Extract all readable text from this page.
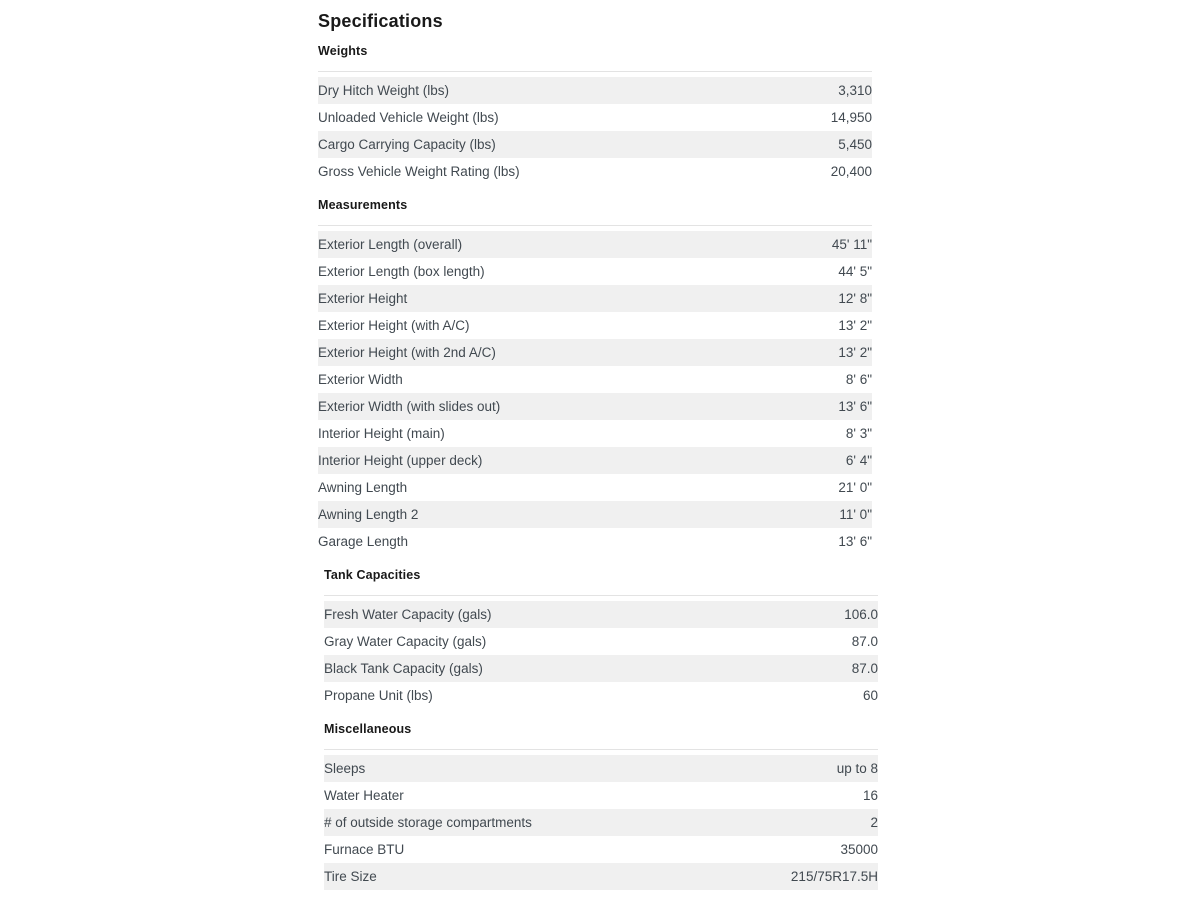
Specifications
Weights
Dry Hitch Weight (lbs)	3,310
Unloaded Vehicle Weight (lbs)	14,950
Cargo Carrying Capacity (lbs)	5,450
Gross Vehicle Weight Rating (lbs)	20,400
Measurements
Exterior Length (overall)	45' 11"
Exterior Length (box length)	44' 5"
Exterior Height	12' 8"
Exterior Height (with A/C)	13' 2"
Exterior Height (with 2nd A/C)	13' 2"
Exterior Width	8' 6"
Exterior Width (with slides out)	13' 6"
Interior Height (main)	8' 3"
Interior Height (upper deck)	6' 4"
Awning Length	21' 0"
Awning Length 2	11' 0"
Garage Length	13' 6"
Tank Capacities
Fresh Water Capacity (gals)	106.0
Gray Water Capacity (gals)	87.0
Black Tank Capacity (gals)	87.0
Propane Unit (lbs)	60
Miscellaneous
Sleeps	up to 8
Water Heater	16
# of outside storage compartments	2
Furnace BTU	35000
Tire Size	215/75R17.5H
